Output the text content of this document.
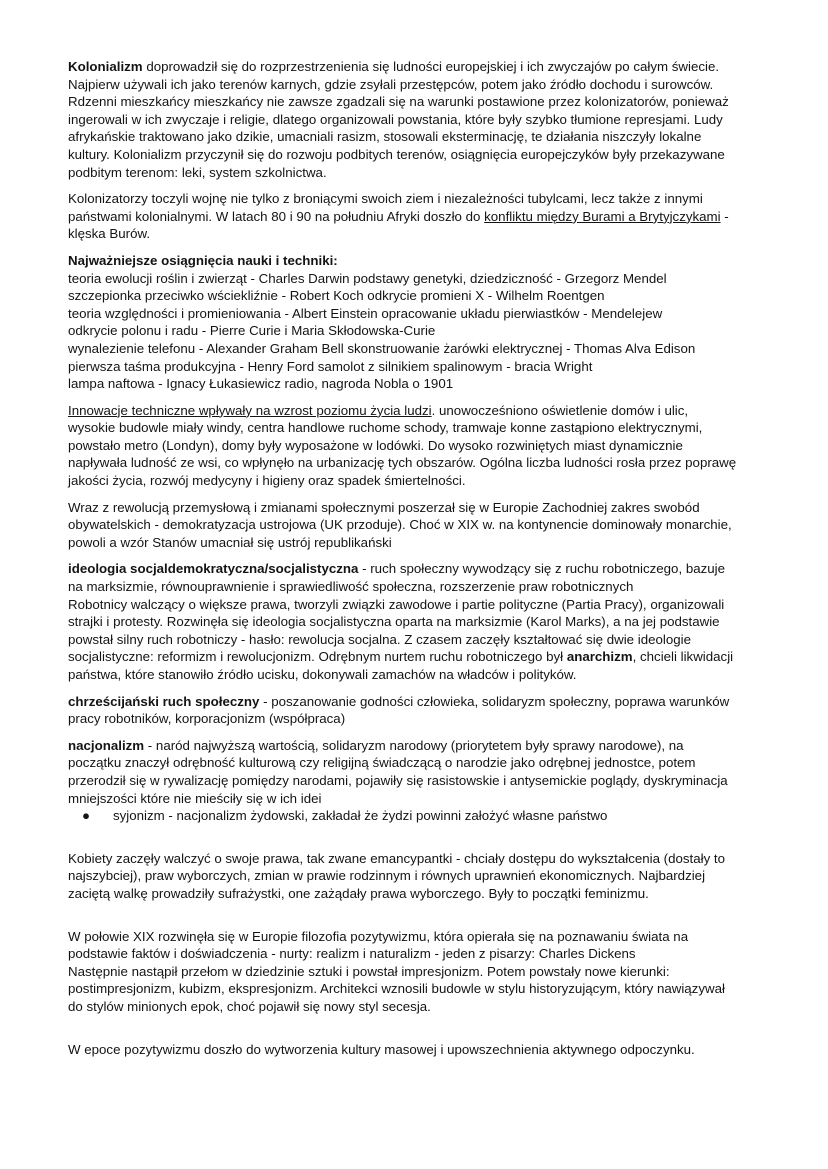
Kolonializm doprowadził się do rozprzestrzenienia się ludności europejskiej i ich zwyczajów po całym świecie.
Najpierw używali ich jako terenów karnych, gdzie zsyłali przestępców, potem jako źródło dochodu i surowców.
Rdzenni mieszkańcy mieszkańcy nie zawsze zgadzali się na warunki postawione przez kolonizatorów, ponieważ
ingerowali w ich zwyczaje i religie, dlatego organizowali powstania, które były szybko tłumione represjami. Ludy
afrykańskie traktowano jako dzikie, umacniali rasizm, stosowali eksterminację, te działania niszczyły lokalne
kultury. Kolonializm przyczynił się do rozwoju podbitych terenów, osiągnięcia europejczyków były przekazywane
podbitym terenom: leki, system szkolnictwa.
Kolonizatorzy toczyli wojnę nie tylko z broniącymi swoich ziem i niezależności tubylcami, lecz także z innymi
państwami kolonialnymi. W latach 80 i 90 na południu Afryki doszło do konfliktu między Burami a Brytyjczykami -
klęska Burów.
Najważniejsze osiągnięcia nauki i techniki:
teoria ewolucji roślin i zwierząt - Charles Darwin podstawy genetyki, dziedziczność - Grzegorz Mendel
szczepionka przeciwko wściekliźnie - Robert Koch odkrycie promieni X - Wilhelm Roentgen
teoria względności i promieniowania - Albert Einstein opracowanie układu pierwiastków - Mendelejew
odkrycie polonu i radu - Pierre Curie i Maria Skłodowska-Curie
wynalezienie telefonu - Alexander Graham Bell skonstruowanie żarówki elektrycznej - Thomas Alva Edison
pierwsza taśma produkcyjna - Henry Ford samolot z silnikiem spalinowym - bracia Wright
lampa naftowa - Ignacy Łukasiewicz radio, nagroda Nobla o 1901
Innowacje techniczne wpływały na wzrost poziomu życia ludzi. unowocześniono oświetlenie domów i ulic,
wysokie budowle miały windy, centra handlowe ruchome schody, tramwaje konne zastąpiono elektrycznymi,
powstało metro (Londyn), domy były wyposażone w lodówki. Do wysoko rozwiniętych miast dynamicznie
napływała ludność ze wsi, co wpłynęło na urbanizację tych obszarów. Ogólna liczba ludności rosła przez poprawę
jakości życia, rozwój medycyny i higieny oraz spadek śmiertelności.
Wraz z rewolucją przemysłową i zmianami społecznymi poszerzał się w Europie Zachodniej zakres swobód
obywatelskich - demokratyzacja ustrojowa (UK przoduje). Choć w XIX w. na kontynencie dominowały monarchie,
powoli a wzór Stanów umacniał się ustrój republikański
ideologia socjaldemokratyczna/socjalistyczna - ruch społeczny wywodzący się z ruchu robotniczego, bazuje
na marksizmie, równouprawnienie i sprawiedliwość społeczna, rozszerzenie praw robotnicznych
Robotnicy walczący o większe prawa, tworzyli związki zawodowe i partie polityczne (Partia Pracy), organizowali
strajki i protesty. Rozwinęła się ideologia socjalistyczna oparta na marksizmie (Karol Marks), a na jej podstawie
powstał silny ruch robotniczy - hasło: rewolucja socjalna. Z czasem zaczęły kształtować się dwie ideologie
socjalistyczne: reformizm i rewolucjonizm. Odrębnym nurtem ruchu robotniczego był anarchizm, chcieli likwidacji
państwa, które stanowiło źródło ucisku, dokonywali zamachów na władców i polityków.
chrześcijański ruch społeczny - poszanowanie godności człowieka, solidaryzm społeczny, poprawa warunków
pracy robotników, korporacjonizm (współpraca)
nacjonalizm - naród najwyższą wartością, solidaryzm narodowy (priorytetem były sprawy narodowe), na
początku znaczył odrębność kulturową czy religijną świadczącą o narodzie jako odrębnej jednostce, potem
przerodził się w rywalizację pomiędzy narodami, pojawiły się rasistowskie i antysemickie poglądy, dyskryminacja
mniejszości które nie mieściły się w ich idei
● syjonizm - nacjonalizm żydowski, zakładał że żydzi powinni założyć własne państwo
Kobiety zaczęły walczyć o swoje prawa, tak zwane emancypantki - chciały dostępu do wykształcenia (dostały to
najszybciej), praw wyborczych, zmian w prawie rodzinnym i równych uprawnień ekonomicznych. Najbardziej
zaciętą walkę prowadziły sufrażystki, one zażądały prawa wyborczego. Były to początki feminizmu.
W połowie XIX rozwinęła się w Europie filozofia pozytywizmu, która opierała się na poznawaniu świata na
podstawie faktów i doświadczenia - nurty: realizm i naturalizm - jeden z pisarzy: Charles Dickens
Następnie nastąpił przełom w dziedzinie sztuki i powstał impresjonizm. Potem powstały nowe kierunki:
postimpresjonizm, kubizm, ekspresjonizm. Architekci wznosili budowle w stylu historyzującym, który nawiązywał
do stylów minionych epok, choć pojawił się nowy styl secesja.
W epoce pozytywizmu doszło do wytworzenia kultury masowej i upowszechnienia aktywnego odpoczynku.
